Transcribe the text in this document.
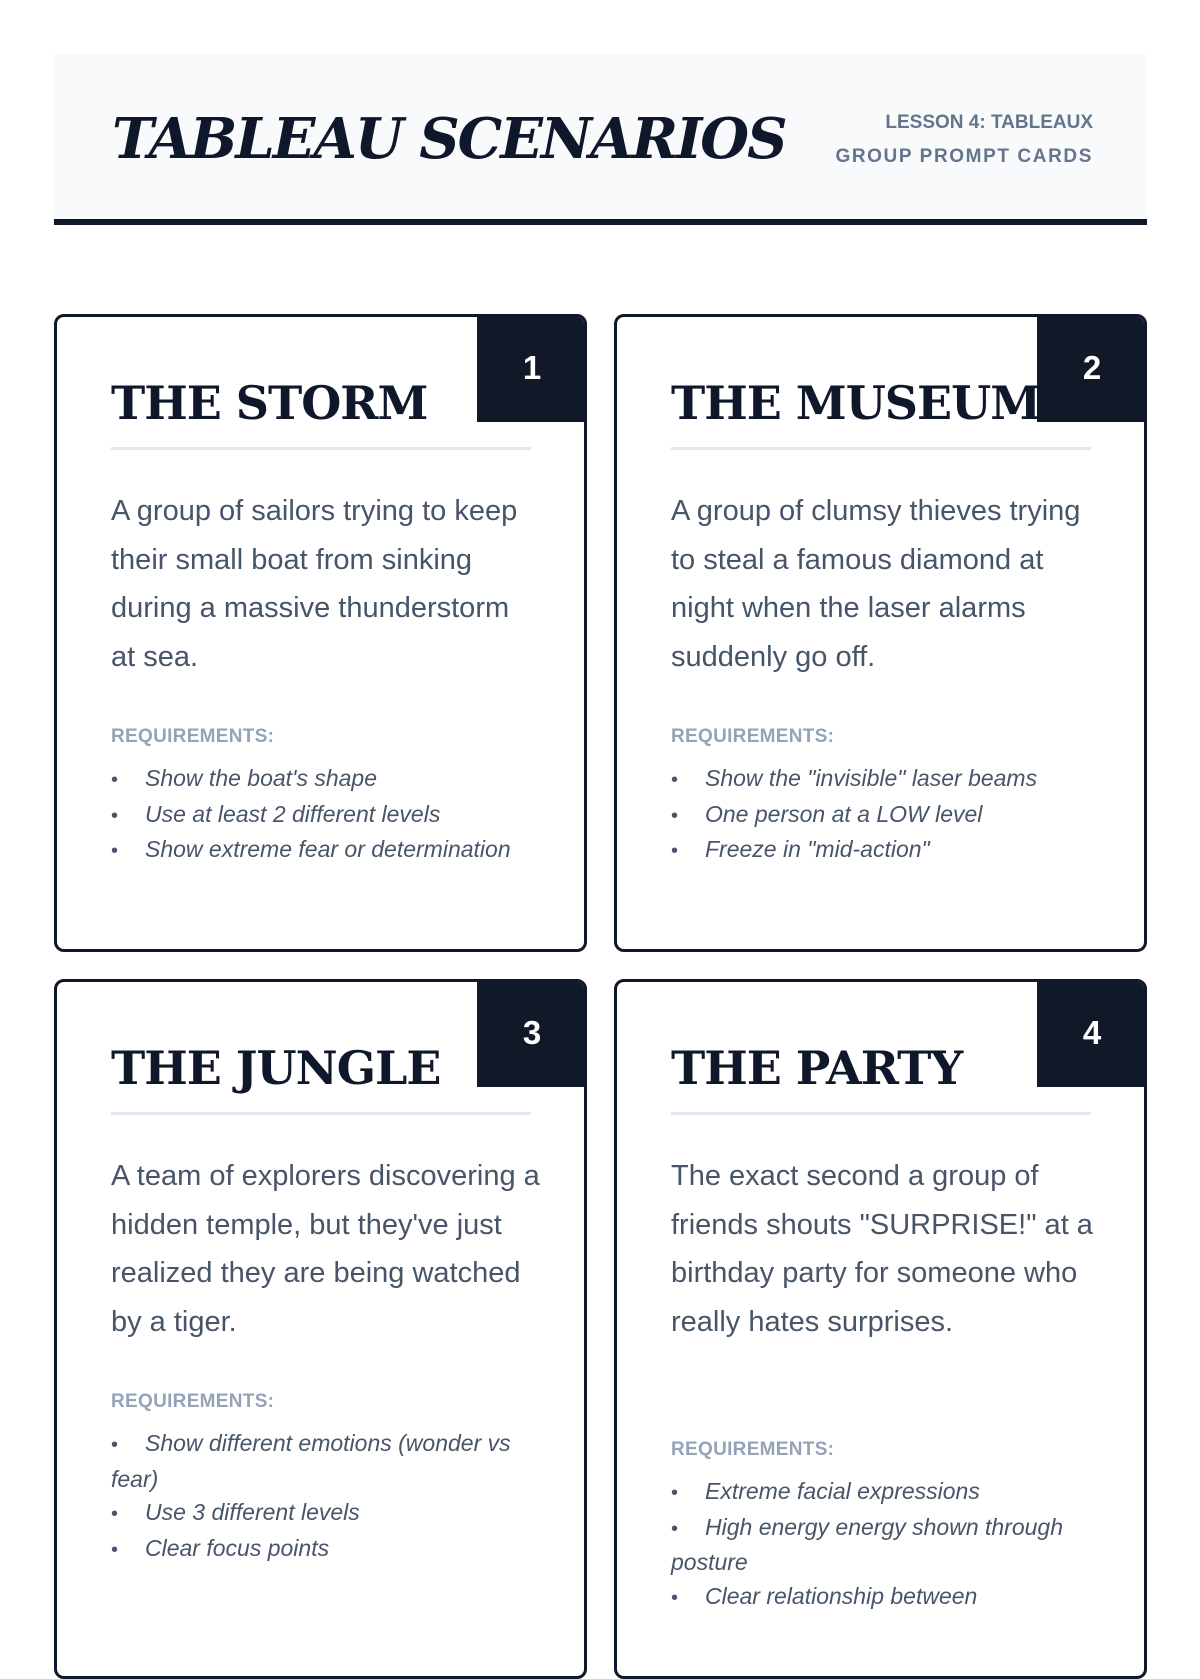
TABLEAU SCENARIOS	LESSON 4: TABLEAUX
GROUP PROMPT CARDS
1
THE STORM

A group of sailors trying to keep their small boat from sinking during a massive thunderstorm at sea.

REQUIREMENTS:

• Show the boat's shape
• Use at least 2 different levels
• Show extreme fear or determination
2
THE MUSEUM

A group of clumsy thieves trying to steal a famous diamond at night when the laser alarms suddenly go off.

REQUIREMENTS:

• Show the "invisible" laser beams
• One person at a LOW level
• Freeze in "mid-action"
3
THE JUNGLE

A team of explorers discovering a hidden temple, but they've just realized they are being watched by a tiger.

REQUIREMENTS:

• Show different emotions (wonder vs fear)
• Use 3 different levels
• Clear focus points
4
THE PARTY

The exact second a group of friends shouts "SURPRISE!" at a birthday party for someone who really hates surprises.

REQUIREMENTS:

• Extreme facial expressions
• High energy energy shown through posture
• Clear relationship between
